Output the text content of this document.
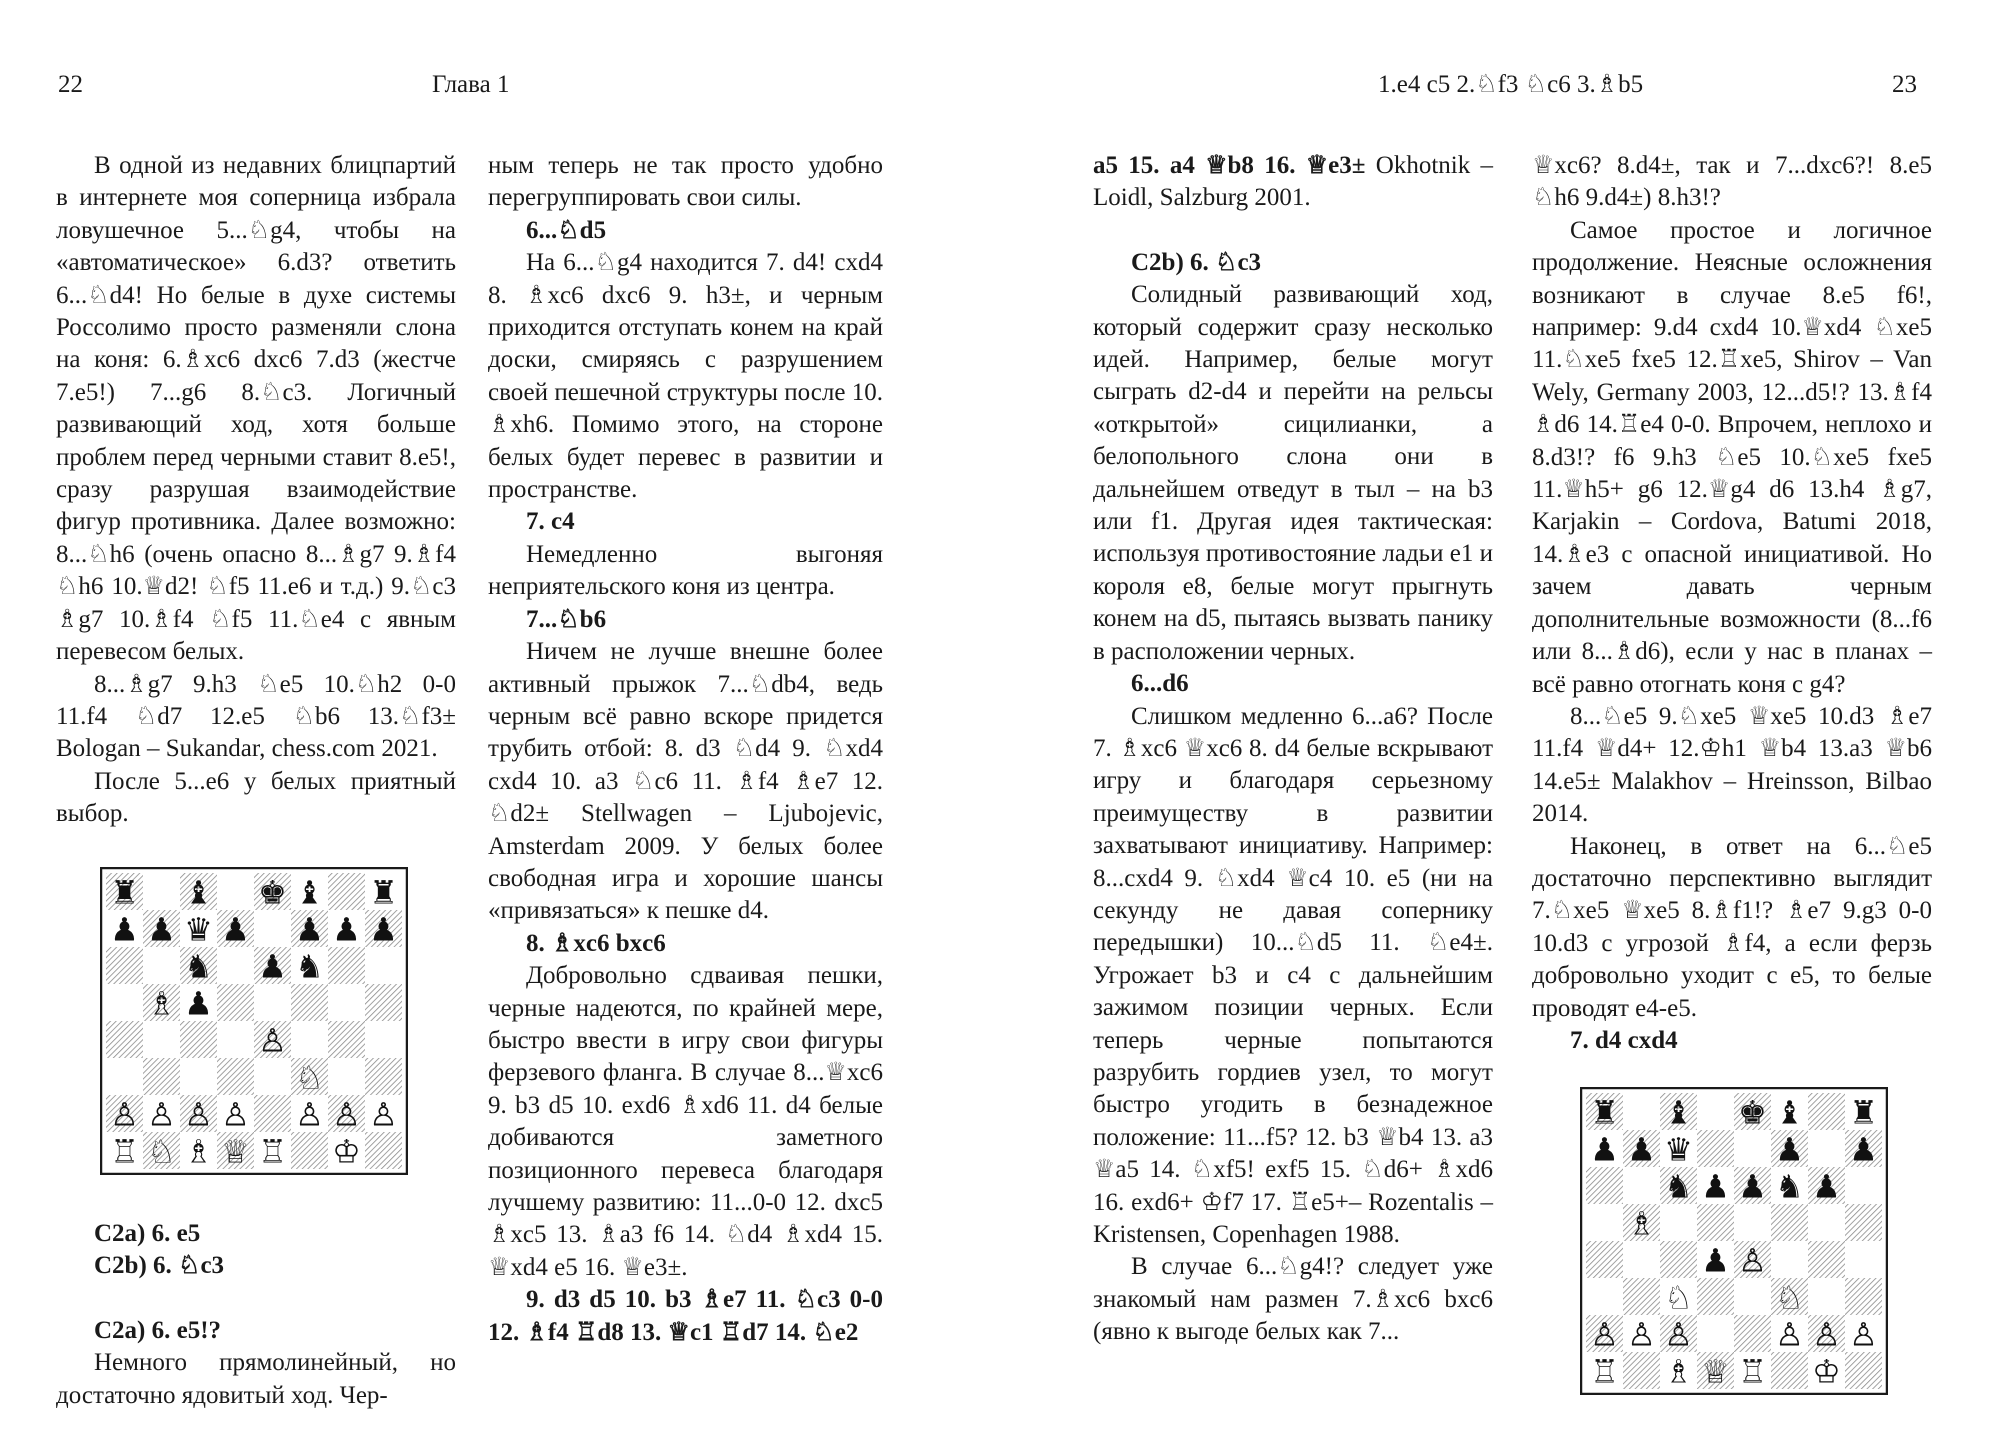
22	Глава 1	1.e4 c5 2.♘f3 ♘c6 3.♗b5	23

В одной из недавних блицпартий в интернете моя соперница избрала ловушечное 5...♘g4, чтобы на «автоматическое» 6.d3? ответить 6...♘d4! Но белые в духе системы Россолимо просто разменяли слона на коня: 6.♗xc6 dxc6 7.d3 (жестче 7.e5!) 7...g6 8.♘c3. Логичный развивающий ход, хотя больше проблем перед черными ставит 8.e5!, сразу разрушая взаимодействие фигур противника. Далее возможно: 8...♘h6 (очень опасно 8...♗g7 9.♗f4 ♘h6 10.♕d2! ♘f5 11.e6 и т.д.) 9.♘c3 ♗g7 10.♗f4 ♘f5 11.♘e4 с явным перевесом белых.

8...♗g7 9.h3 ♘e5 10.♘h2 0-0 11.f4 ♘d7 12.e5 ♘b6 13.♘f3± Bologan – Sukandar, chess.com 2021.

После 5...e6 у белых приятный выбор.

♜ ♝ ♚ ♝ ♜
♟ ♟ ♛ ♟ ♟ ♟ ♟
♞ ♟ ♞
♗ ♟
♙
♘
♙ ♙ ♙ ♙ ♙ ♙ ♙
♖ ♘ ♗ ♕ ♖ ♔

C2a) 6. e5

C2b) 6. ♘c3

C2a) 6. e5!?

Немного прямолинейный, но достаточно ядовитый ход. Чер-

ным теперь не так просто удобно перегруппировать свои силы.

6...♘d5

На 6...♘g4 находится 7. d4! cxd4 8. ♗xc6 dxc6 9. h3±, и черным приходится отступать конем на край доски, смиряясь с разрушением своей пешечной структуры после 10. ♗xh6. Помимо этого, на стороне белых будет перевес в развитии и пространстве.

7. c4

Немедленно выгоняя неприятельского коня из центра.

7...♘b6

Ничем не лучше внешне более активный прыжок 7...♘db4, ведь черным всё равно вскоре придется трубить отбой: 8. d3 ♘d4 9. ♘xd4 cxd4 10. a3 ♘c6 11. ♗f4 ♗e7 12. ♘d2± Stellwagen – Ljubojevic, Amsterdam 2009. У белых более свободная игра и хорошие шансы «привязаться» к пешке d4.

8. ♗xc6 bxc6

Добровольно сдваивая пешки, черные надеются, по крайней мере, быстро ввести в игру свои фигуры ферзевого фланга. В случае 8...♕xc6 9. b3 d5 10. exd6 ♗xd6 11. d4 белые добиваются заметного позиционного перевеса благодаря лучшему развитию: 11...0-0 12. dxc5 ♗xc5 13. ♗a3 f6 14. ♘d4 ♗xd4 15. ♕xd4 e5 16. ♕e3±.

9. d3 d5 10. b3 ♗e7 11. ♘c3 0-0 12. ♗f4 ♖d8 13. ♕c1 ♖d7 14. ♘e2

a5 15. a4 ♕b8 16. ♕e3± Okhotnik – Loidl, Salzburg 2001.

C2b) 6. ♘c3

Солидный развивающий ход, который содержит сразу несколько идей. Например, белые могут сыграть d2-d4 и перейти на рельсы «открытой» сицилианки, а белопольного слона они в дальнейшем отведут в тыл – на b3 или f1. Другая идея тактическая: используя противостояние ладьи e1 и короля e8, белые могут прыгнуть конем на d5, пытаясь вызвать панику в расположении черных.

6...d6

Слишком медленно 6...a6? После 7. ♗xc6 ♕xc6 8. d4 белые вскрывают игру и благодаря серьезному преимуществу в развитии захватывают инициативу. Например: 8...cxd4 9. ♘xd4 ♕c4 10. e5 (ни на секунду не давая сопернику передышки) 10...♘d5 11. ♘e4±. Угрожает b3 и c4 с дальнейшим зажимом позиции черных. Если теперь черные попытаются разрубить гордиев узел, то могут быстро угодить в безнадежное положение: 11...f5? 12. b3 ♕b4 13. a3 ♕a5 14. ♘xf5! exf5 15. ♘d6+ ♗xd6 16. exd6+ ♔f7 17. ♖e5+– Rozentalis – Kristensen, Copenhagen 1988.

В случае 6...♘g4!? следует уже знакомый нам размен 7.♗xc6 bxc6 (явно к выгоде белых как 7...

♕xc6? 8.d4±, так и 7...dxc6?! 8.e5 ♘h6 9.d4±) 8.h3!?

Самое простое и логичное продолжение. Неясные осложнения возникают в случае 8.e5 f6!, например: 9.d4 cxd4 10.♕xd4 ♘xe5 11.♘xe5 fxe5 12.♖xe5, Shirov – Van Wely, Germany 2003, 12...d5!? 13.♗f4 ♗d6 14.♖e4 0-0. Впрочем, неплохо и 8.d3!? f6 9.h3 ♘e5 10.♘xe5 fxe5 11.♕h5+ g6 12.♕g4 d6 13.h4 ♗g7, Karjakin – Cordova, Batumi 2018, 14.♗e3 с опасной инициативой. Но зачем давать черным дополнительные возможности (8...f6 или 8...♗d6), если у нас в планах – всё равно отогнать коня с g4?

8...♘e5 9.♘xe5 ♕xe5 10.d3 ♗e7 11.f4 ♕d4+ 12.♔h1 ♕b4 13.a3 ♕b6 14.e5± Malakhov – Hreinsson, Bilbao 2014.

Наконец, в ответ на 6...♘e5 достаточно перспективно выглядит 7.♘xe5 ♕xe5 8.♗f1!? ♗e7 9.g3 0-0 10.d3 с угрозой ♗f4, а если ферзь добровольно уходит с e5, то белые проводят e4-e5.

7. d4 cxd4

♜ ♝ ♚ ♝ ♜
♟ ♟ ♛	♟ ♟
♞ ♟ ♟ ♞ ♟
♗
♟ ♙
♘	♘
♙ ♙ ♙	♙ ♙ ♙
♖ ♗ ♕ ♖ ♔
